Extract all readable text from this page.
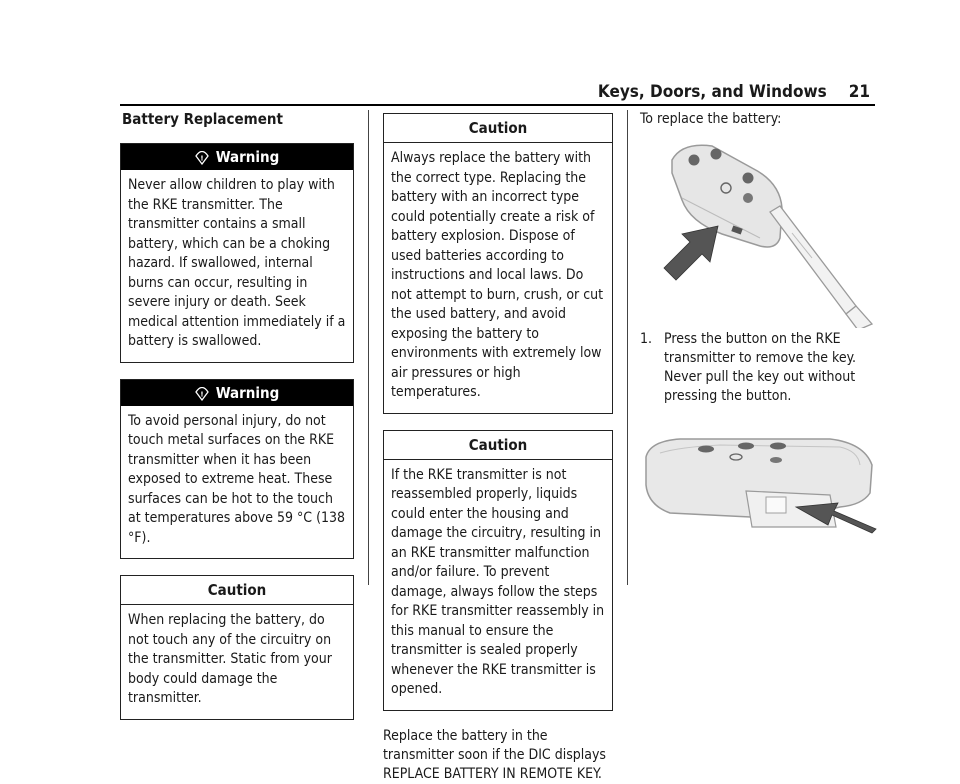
Keys, Doors, and Windows 21
Battery Replacement
! Warning
Never allow children to play with the RKE transmitter. The transmitter contains a small battery, which can be a choking hazard. If swallowed, internal burns can occur, resulting in severe injury or death. Seek medical attention immediately if a battery is swallowed.
! Warning
To avoid personal injury, do not touch metal surfaces on the RKE transmitter when it has been exposed to extreme heat. These surfaces can be hot to the touch at temperatures above 59 °C (138 °F).
Caution
When replacing the battery, do not touch any of the circuitry on the transmitter. Static from your body could damage the transmitter.
Caution
Always replace the battery with the correct type. Replacing the battery with an incorrect type could potentially create a risk of battery explosion. Dispose of used batteries according to instructions and local laws. Do not attempt to burn, crush, or cut the used battery, and avoid exposing the battery to environments with extremely low air pressures or high temperatures.
Caution
If the RKE transmitter is not reassembled properly, liquids could enter the housing and damage the circuitry, resulting in an RKE transmitter malfunction and/or failure. To prevent damage, always follow the steps for RKE transmitter reassembly in this manual to ensure the transmitter is sealed properly whenever the RKE transmitter is opened.
Replace the battery in the transmitter soon if the DIC displays REPLACE BATTERY IN REMOTE KEY.
To replace the battery:
1. Press the button on the RKE transmitter to remove the key. Never pull the key out without pressing the button.
